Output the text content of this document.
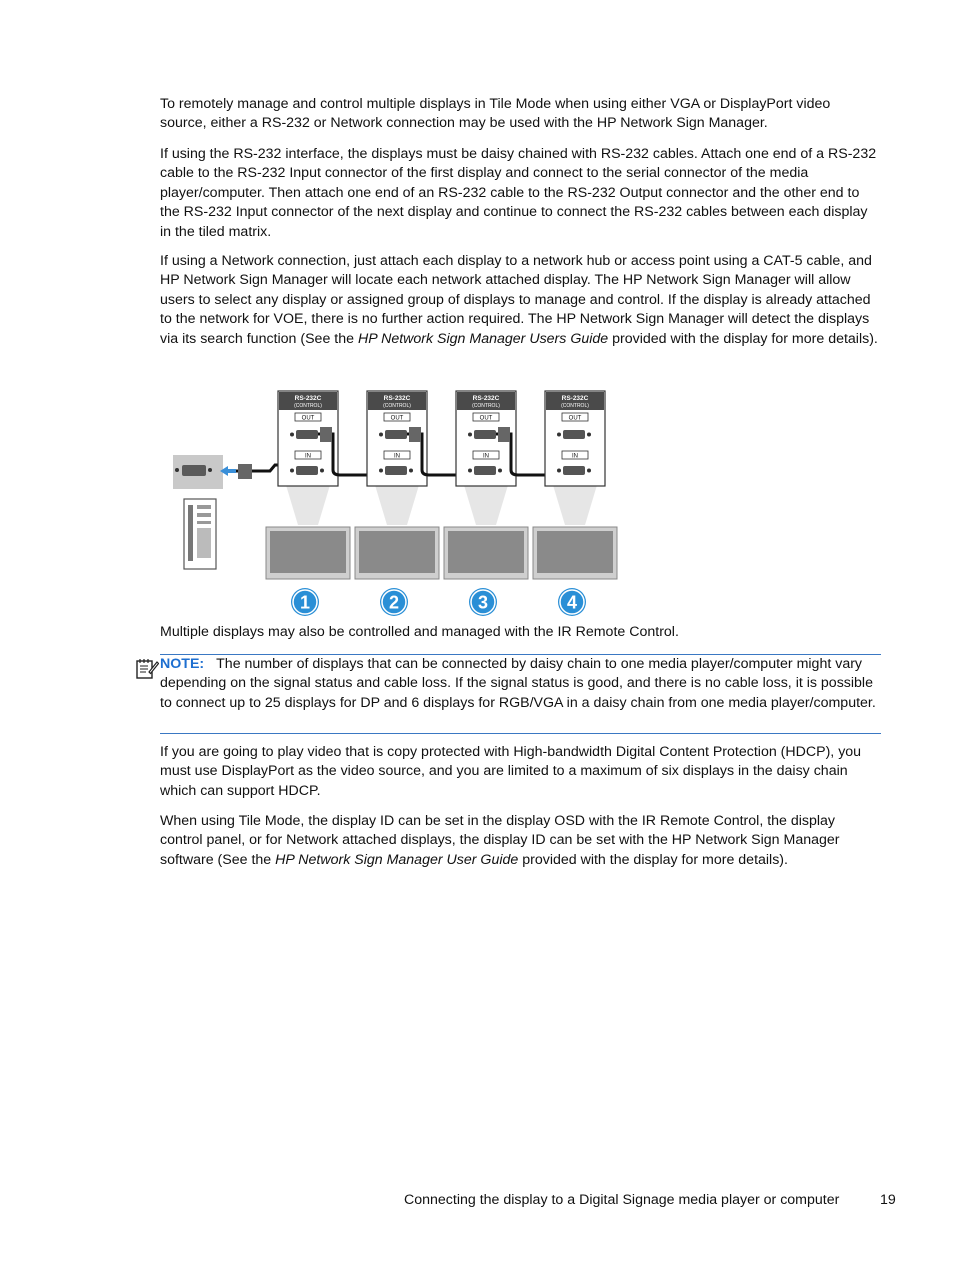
To remotely manage and control multiple displays in Tile Mode when using either VGA or DisplayPort video source, either a RS-232 or Network connection may be used with the HP Network Sign Manager.

If using the RS-232 interface, the displays must be daisy chained with RS-232 cables. Attach one end of a RS-232 cable to the RS-232 Input connector of the first display and connect to the serial connector of the media player/computer. Then attach one end of an RS-232 cable to the RS-232 Output connector and the other end to the RS-232 Input connector of the next display and continue to connect the RS-232 cables between each display in the tiled matrix.

If using a Network connection, just attach each display to a network hub or access point using a CAT-5 cable, and HP Network Sign Manager will locate each network attached display. The HP Network Sign Manager will allow users to select any display or assigned group of displays to manage and control. If the display is already attached to the network for VOE, there is no further action required. The HP Network Sign Manager will detect the displays via its search function (See the HP Network Sign Manager Users Guide provided with the display for more details).

RS-232C
(CONTROL)
OUT
IN
1
RS-232C
(CONTROL)
OUT
IN
2
RS-232C
(CONTROL)
OUT
IN
3
RS-232C
(CONTROL)
OUT
IN
4

Multiple displays may also be controlled and managed with the IR Remote Control.

NOTE: The number of displays that can be connected by daisy chain to one media player/computer might vary depending on the signal status and cable loss. If the signal status is good, and there is no cable loss, it is possible to connect up to 25 displays for DP and 6 displays for RGB/VGA in a daisy chain from one media player/computer.

If you are going to play video that is copy protected with High-bandwidth Digital Content Protection (HDCP), you must use DisplayPort as the video source, and you are limited to a maximum of six displays in the daisy chain which can support HDCP.

When using Tile Mode, the display ID can be set in the display OSD with the IR Remote Control, the display control panel, or for Network attached displays, the display ID can be set with the HP Network Sign Manager software (See the HP Network Sign Manager User Guide provided with the display for more details).

Connecting the display to a Digital Signage media player or computer	19
